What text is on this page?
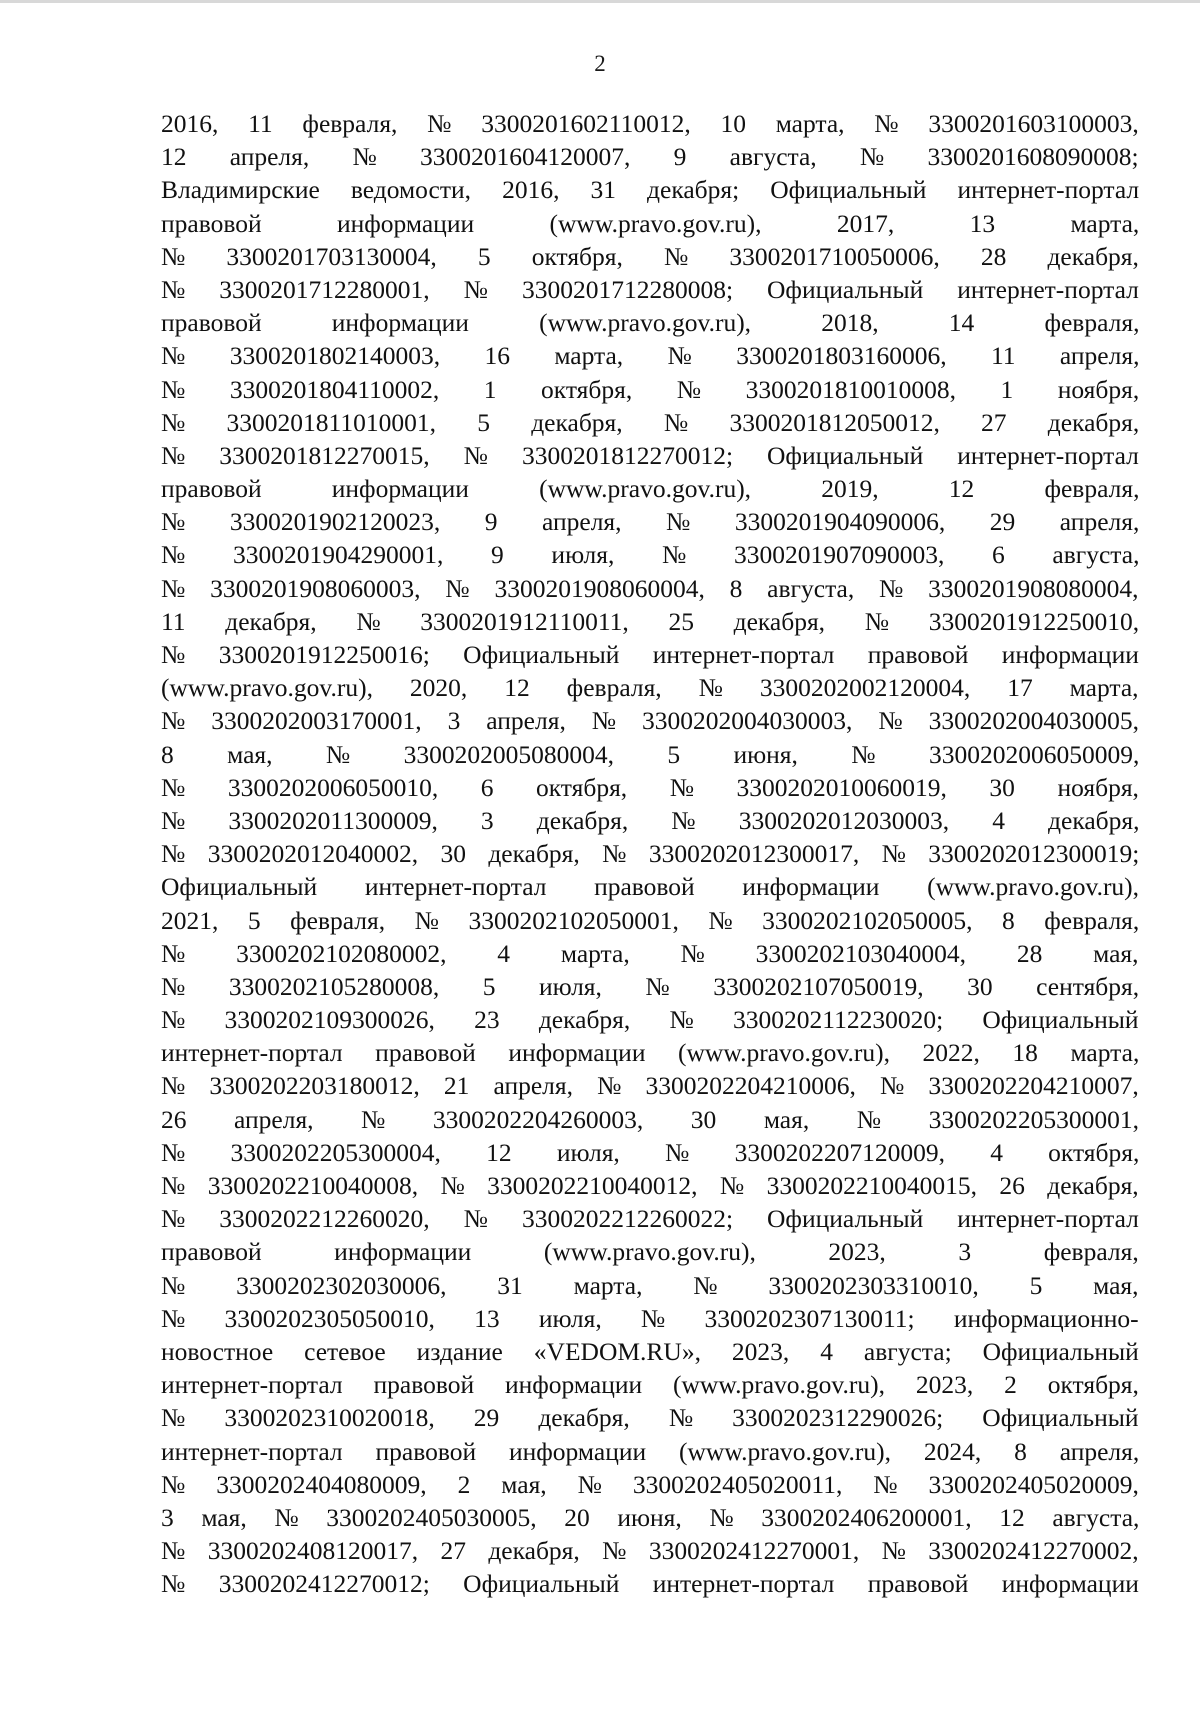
2
2016, 11 февраля, № 3300201602110012, 10 марта, № 3300201603100003,
12 апреля, № 3300201604120007, 9 августа, № 3300201608090008;
Владимирские ведомости, 2016, 31 декабря; Официальный интернет-портал
правовой информации (www.pravo.gov.ru), 2017, 13 марта,
№ 3300201703130004, 5 октября, № 3300201710050006, 28 декабря,
№ 3300201712280001, № 3300201712280008; Официальный интернет-портал
правовой информации (www.pravo.gov.ru), 2018, 14 февраля,
№ 3300201802140003, 16 марта, № 3300201803160006, 11 апреля,
№ 3300201804110002, 1 октября, № 3300201810010008, 1 ноября,
№ 3300201811010001, 5 декабря, № 3300201812050012, 27 декабря,
№ 3300201812270015, № 3300201812270012; Официальный интернет-портал
правовой информации (www.pravo.gov.ru), 2019, 12 февраля,
№ 3300201902120023, 9 апреля, № 3300201904090006, 29 апреля,
№ 3300201904290001, 9 июля, № 3300201907090003, 6 августа,
№ 3300201908060003, № 3300201908060004, 8 августа, № 3300201908080004,
11 декабря, № 3300201912110011, 25 декабря, № 3300201912250010,
№ 3300201912250016; Официальный интернет-портал правовой информации
(www.pravo.gov.ru), 2020, 12 февраля, № 3300202002120004, 17 марта,
№ 3300202003170001, 3 апреля, № 3300202004030003, № 3300202004030005,
8 мая, № 3300202005080004, 5 июня, № 3300202006050009,
№ 3300202006050010, 6 октября, № 3300202010060019, 30 ноября,
№ 3300202011300009, 3 декабря, № 3300202012030003, 4 декабря,
№ 3300202012040002, 30 декабря, № 3300202012300017, № 3300202012300019;
Официальный интернет-портал правовой информации (www.pravo.gov.ru),
2021, 5 февраля, № 3300202102050001, № 3300202102050005, 8 февраля,
№ 3300202102080002, 4 марта, № 3300202103040004, 28 мая,
№ 3300202105280008, 5 июля, № 3300202107050019, 30 сентября,
№ 3300202109300026, 23 декабря, № 3300202112230020; Официальный
интернет-портал правовой информации (www.pravo.gov.ru), 2022, 18 марта,
№ 3300202203180012, 21 апреля, № 3300202204210006, № 3300202204210007,
26 апреля, № 3300202204260003, 30 мая, № 3300202205300001,
№ 3300202205300004, 12 июля, № 3300202207120009, 4 октября,
№ 3300202210040008, № 3300202210040012, № 3300202210040015, 26 декабря,
№ 3300202212260020, № 3300202212260022; Официальный интернет-портал
правовой информации (www.pravo.gov.ru), 2023, 3 февраля,
№ 3300202302030006, 31 марта, № 3300202303310010, 5 мая,
№ 3300202305050010, 13 июля, № 3300202307130011; информационно-
новостное сетевое издание «VEDOM.RU», 2023, 4 августа; Официальный
интернет-портал правовой информации (www.pravo.gov.ru), 2023, 2 октября,
№ 3300202310020018, 29 декабря, № 3300202312290026; Официальный
интернет-портал правовой информации (www.pravo.gov.ru), 2024, 8 апреля,
№ 3300202404080009, 2 мая, № 3300202405020011, № 3300202405020009,
3 мая, № 3300202405030005, 20 июня, № 3300202406200001, 12 августа,
№ 3300202408120017, 27 декабря, № 3300202412270001, № 3300202412270002,
№ 3300202412270012; Официальный интернет-портал правовой информации
